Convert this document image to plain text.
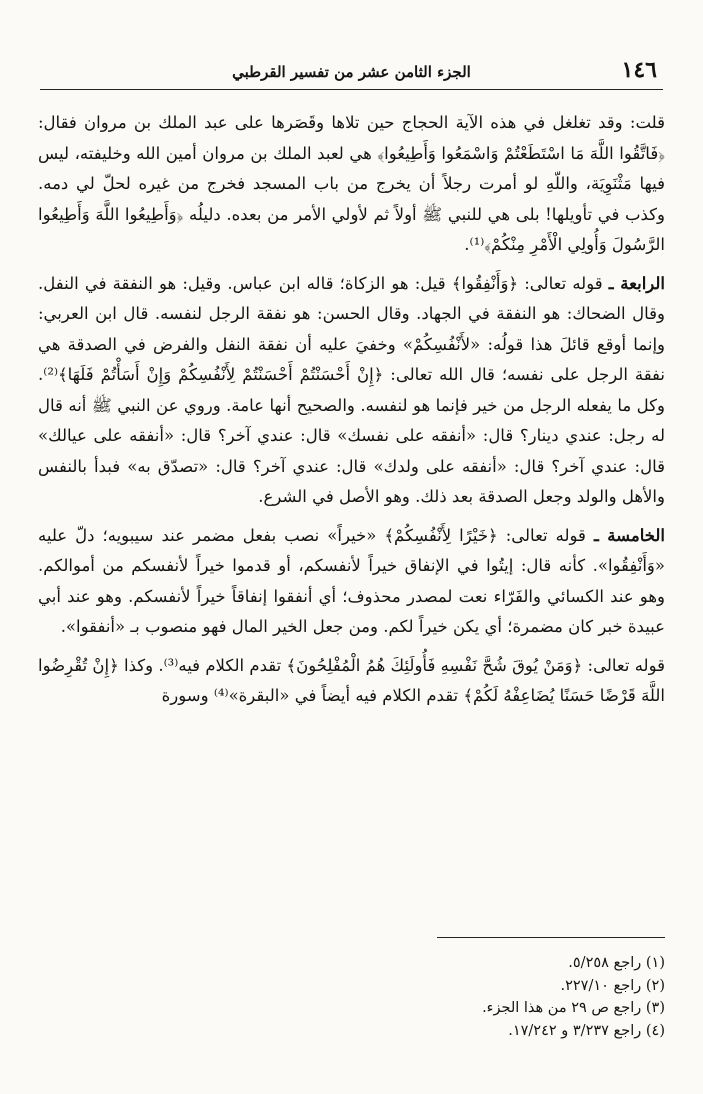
١٤٦
الجزء الثامن عشر من تفسير القرطبي

قلت: وقد تغلغل في هذه الآية الحجاج حين تلاها وقَصَرها على عبد الملك بن مروان فقال: ﴿فَاتَّقُوا اللَّهَ مَا اسْتَطَعْتُمْ وَاسْمَعُوا وَأَطِيعُوا﴾ هي لعبد الملك بن مروان أمين الله وخليفته، ليس فيها مَثْنَوِيَة، واللّهِ لو أمرت رجلاً أن يخرج من باب المسجد فخرج من غيره لحلّ لي دمه. وكذب في تأويلها! بلى هي للنبي ﷺ أولاً ثم لأولي الأمر من بعده. دليلُه ﴿وَأَطِيعُوا اللَّهَ وَأَطِيعُوا الرَّسُولَ وَأُولِي الْأَمْرِ مِنْكُمْ﴾⁽¹⁾.

الرابعة ـ قوله تعالى: ﴿وَأَنْفِقُوا﴾ قيل: هو الزكاة؛ قاله ابن عباس. وقيل: هو النفقة في النفل. وقال الضحاك: هو النفقة في الجهاد. وقال الحسن: هو نفقة الرجل لنفسه. قال ابن العربي: وإنما أوقع قائلَ هذا قولُه: «لأَنْفُسِكُمْ» وخفيَ عليه أن نفقة النفل والفرض في الصدقة هي نفقة الرجل على نفسه؛ قال الله تعالى: ﴿إِنْ أَحْسَنْتُمْ أَحْسَنْتُمْ لِأَنْفُسِكُمْ وَإِنْ أَسَأْتُمْ فَلَهَا﴾⁽²⁾. وكل ما يفعله الرجل من خير فإنما هو لنفسه. والصحيح أنها عامة. وروي عن النبي ﷺ أنه قال له رجل: عندي دينار؟ قال: «أنفقه على نفسك» قال: عندي آخر؟ قال: «أنفقه على عيالك» قال: عندي آخر؟ قال: «أنفقه على ولدك» قال: عندي آخر؟ قال: «تصدّق به» فبدأ بالنفس والأهل والولد وجعل الصدقة بعد ذلك. وهو الأصل في الشرع.

الخامسة ـ قوله تعالى: ﴿خَيْرًا لِأَنْفُسِكُمْ﴾ «خيراً» نصب بفعل مضمر عند سيبويه؛ دلّ عليه «وَأَنْفِقُوا». كأنه قال: إيتُوا في الإنفاق خيراً لأنفسكم، أو قدموا خيراً لأنفسكم من أموالكم. وهو عند الكسائي والفَرّاء نعت لمصدر محذوف؛ أي أنفقوا إنفاقاً خيراً لأنفسكم. وهو عند أبي عبيدة خبر كان مضمرة؛ أي يكن خيراً لكم. ومن جعل الخير المال فهو منصوب بـ «أنفقوا».

قوله تعالى: ﴿وَمَنْ يُوقَ شُحَّ نَفْسِهِ فَأُولَئِكَ هُمُ الْمُفْلِحُونَ﴾ تقدم الكلام فيه⁽³⁾. وكذا ﴿إِنْ تُقْرِضُوا اللَّهَ قَرْضًا حَسَنًا يُضَاعِفْهُ لَكُمْ﴾ تقدم الكلام فيه أيضاً في «البقرة»⁽⁴⁾ وسورة

(١) راجع ٥/٢٥٨.
(٢) راجع ٢٢٧/١٠.
(٣) راجع ص ٢٩ من هذا الجزء.
(٤) راجع ٣/٢٣٧ و ١٧/٢٤٢.
